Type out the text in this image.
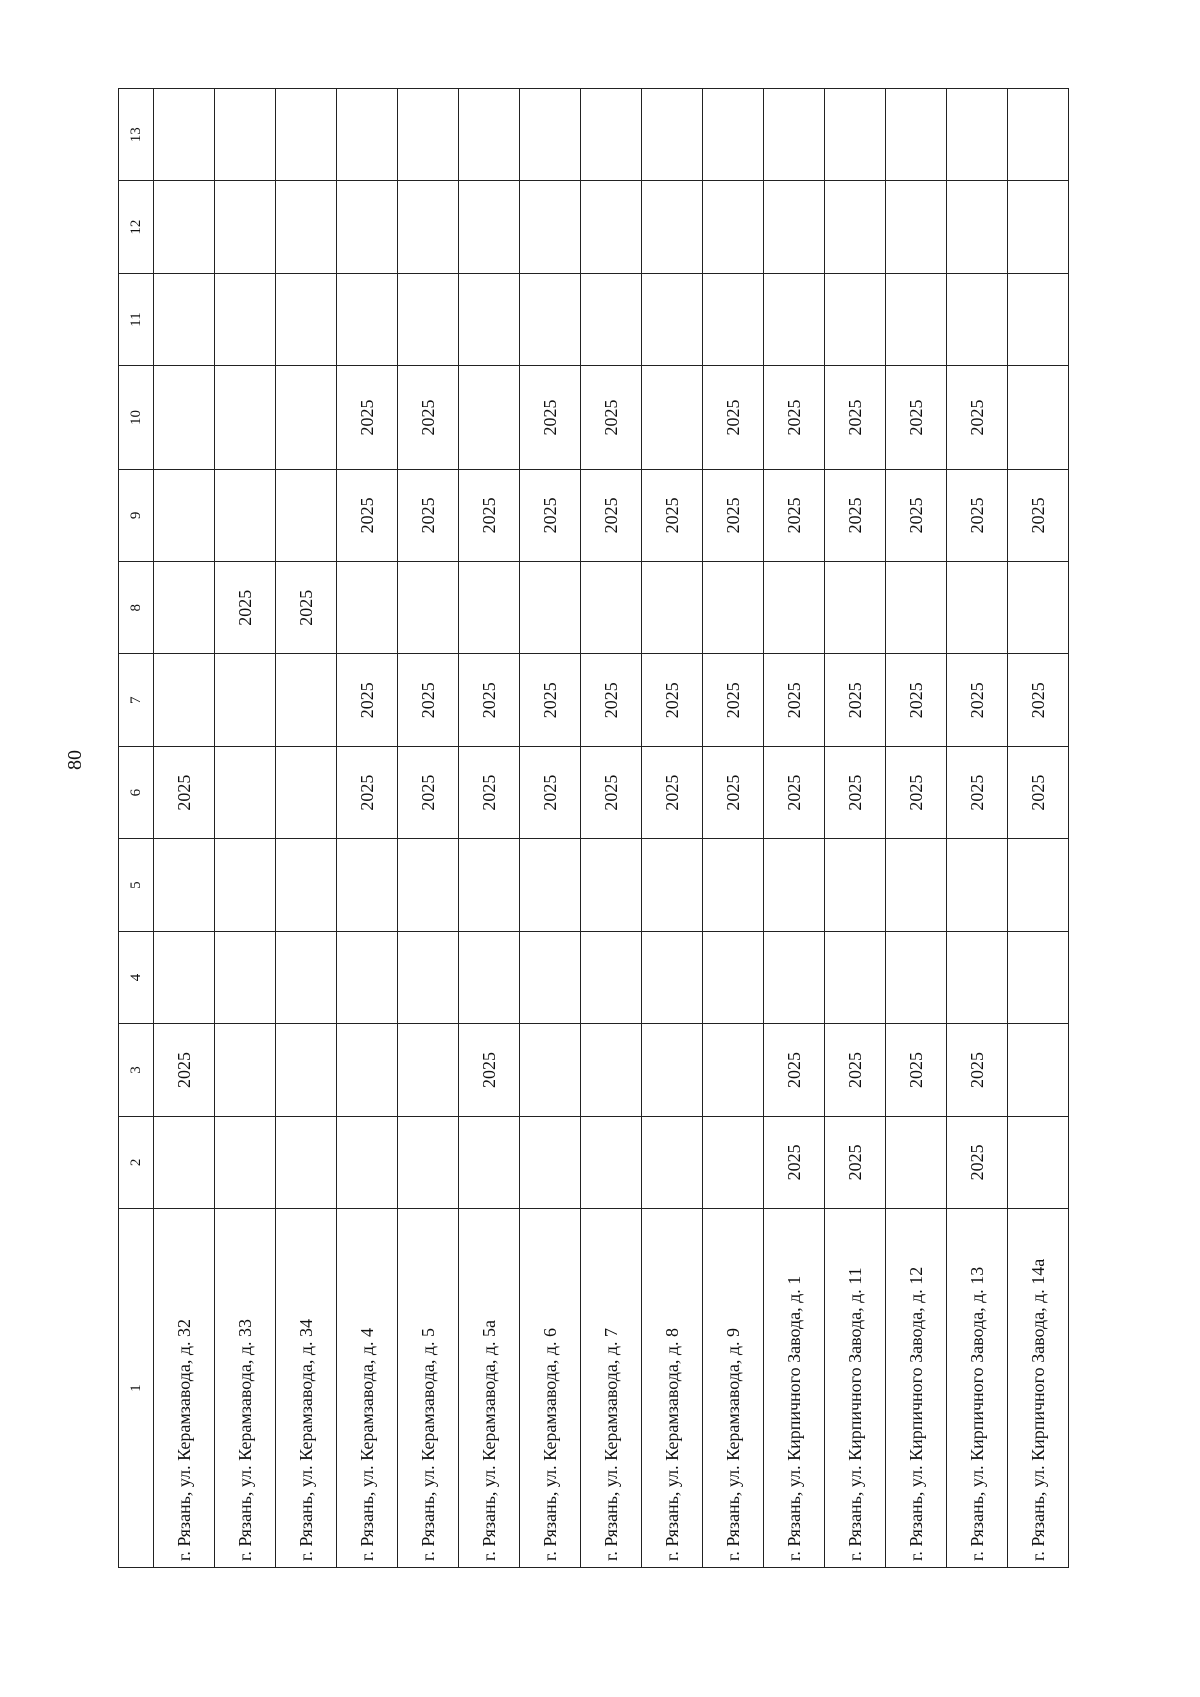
80
1	2	3	4	5	6	7	8	9	10	11	12	13
г. Рязань, ул. Керамзавода, д. 32		2025			2025							
г. Рязань, ул. Керамзавода, д. 33							2025					
г. Рязань, ул. Керамзавода, д. 34							2025					
г. Рязань, ул. Керамзавода, д. 4					2025	2025		2025	2025			
г. Рязань, ул. Керамзавода, д. 5					2025	2025		2025	2025			
г. Рязань, ул. Керамзавода, д. 5а		2025			2025	2025		2025				
г. Рязань, ул. Керамзавода, д. 6					2025	2025		2025	2025			
г. Рязань, ул. Керамзавода, д. 7					2025	2025		2025	2025			
г. Рязань, ул. Керамзавода, д. 8					2025	2025		2025				
г. Рязань, ул. Керамзавода, д. 9					2025	2025		2025	2025			
г. Рязань, ул. Кирпичного Завода, д. 1	2025	2025			2025	2025		2025	2025			
г. Рязань, ул. Кирпичного Завода, д. 11	2025	2025			2025	2025		2025	2025			
г. Рязань, ул. Кирпичного Завода, д. 12		2025			2025	2025		2025	2025			
г. Рязань, ул. Кирпичного Завода, д. 13	2025	2025			2025	2025		2025	2025			
г. Рязань, ул. Кирпичного Завода, д. 14а					2025	2025		2025				
